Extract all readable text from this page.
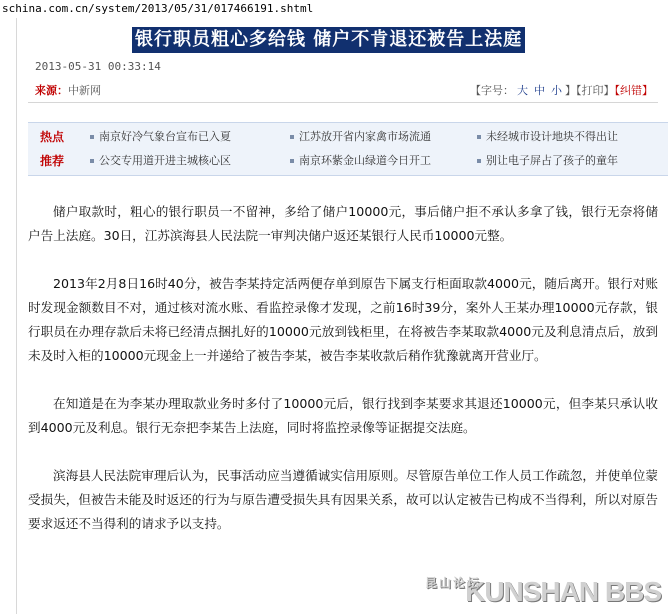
schina.com.cn/system/2013/05/31/017466191.shtml
银行职员粗心多给钱 储户不肯退还被告上法庭
2013-05-31 00:33:14
来源：中新网	【字号： 大 中 小 】【打印】【纠错】
热点	南京好冷气象台宣布已入夏	江苏放开省内家禽市场流通	未经城市设计地块不得出让
推荐	公交专用道开进主城核心区	南京环紫金山绿道今日开工	别让电子屏占了孩子的童年

储户取款时，粗心的银行职员一不留神，多给了储户10000元，事后储户拒不承认多拿了钱，银行无奈将储户告上法庭。30日，江苏滨海县人民法院一审判决储户返还某银行人民币10000元整。

2013年2月8日16时40分，被告李某持定活两便存单到原告下属支行柜面取款4000元，随后离开。银行对账时发现金额数目不对，通过核对流水账、看监控录像才发现，之前16时39分，案外人王某办理10000元存款，银行职员在办理存款后未将已经清点捆扎好的10000元放到钱柜里，在将被告李某取款4000元及利息清点后，放到未及时入柜的10000元现金上一并递给了被告李某，被告李某收款后稍作犹豫就离开营业厅。

在知道是在为李某办理取款业务时多付了10000元后，银行找到李某要求其退还10000元，但李某只承认收到4000元及利息。银行无奈把李某告上法庭，同时将监控录像等证据提交法庭。

滨海县人民法院审理后认为，民事活动应当遵循诚实信用原则。尽管原告单位工作人员工作疏忽，并使单位蒙受损失，但被告未能及时返还的行为与原告遭受损失具有因果关系，故可以认定被告已构成不当得利，所以对原告要求返还不当得利的请求予以支持。

$^{昆山论坛}$ KUNSHAN BBS
